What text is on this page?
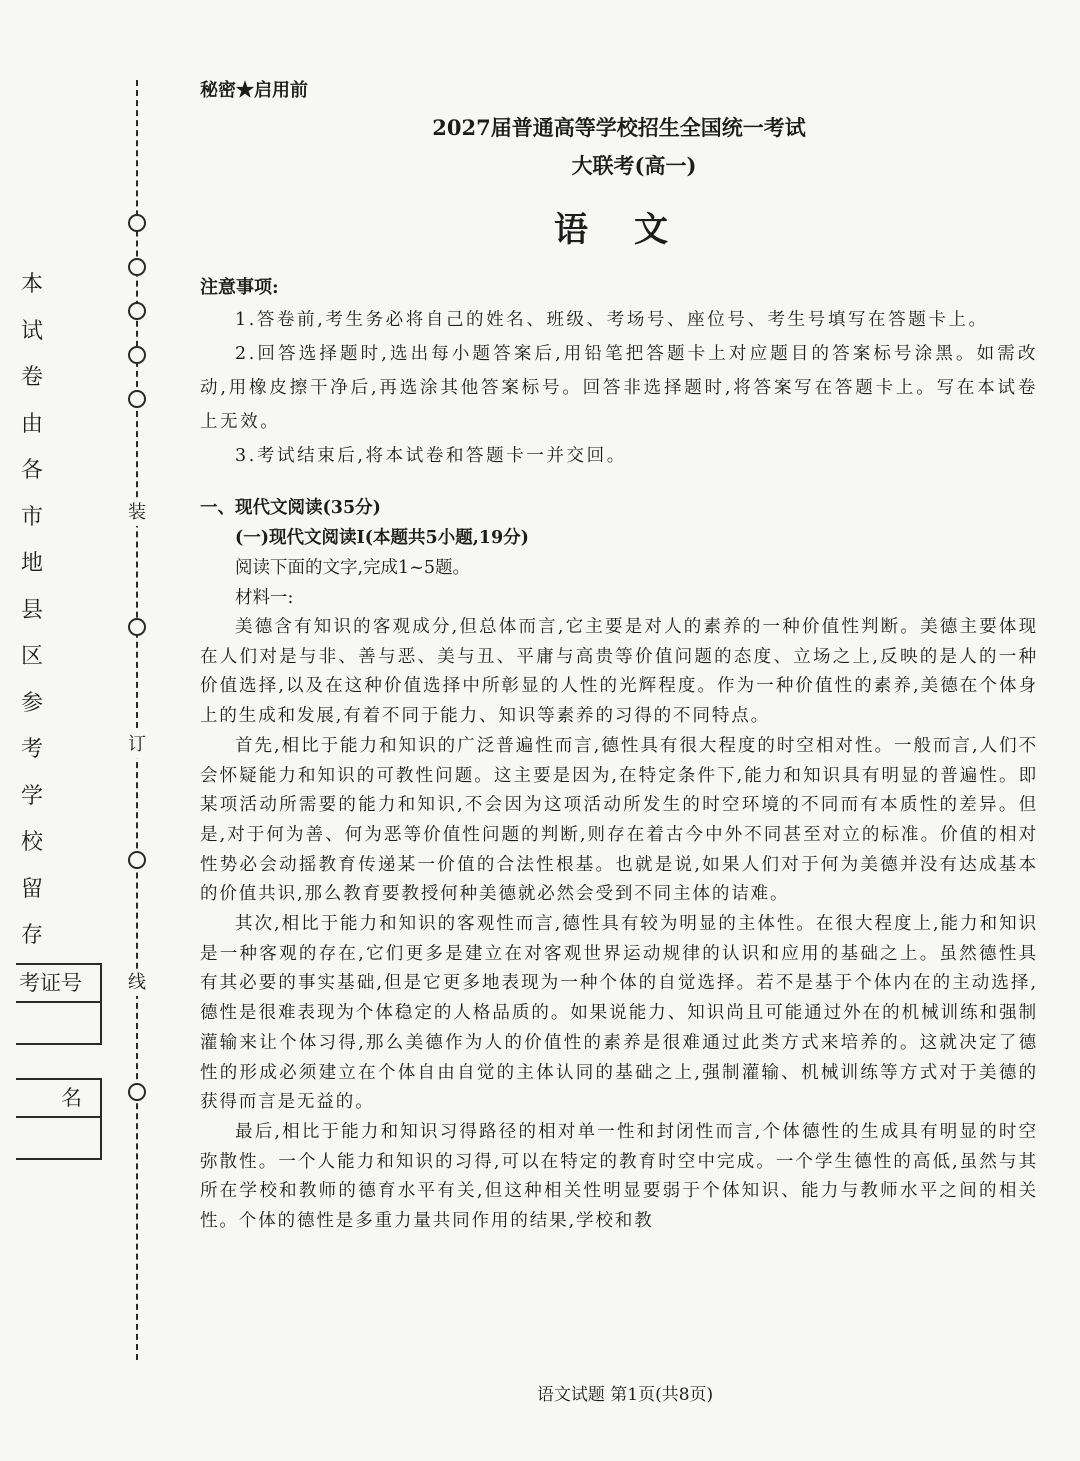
本
试
卷
由
各
市
地
县
区
参
考
学
校
留
存
装
订
线
考证号
名
秘密★启用前
2027届普通高等学校招生全国统一考试
大联考(高一)
语文
注意事项:

1.答卷前,考生务必将自己的姓名、班级、考场号、座位号、考生号填写在答题卡上。

2.回答选择题时,选出每小题答案后,用铅笔把答题卡上对应题目的答案标号涂黑。如需改动,用橡皮擦干净后,再选涂其他答案标号。回答非选择题时,将答案写在答题卡上。写在本试卷上无效。

3.考试结束后,将本试卷和答题卡一并交回。

一、现代文阅读(35分)
(一)现代文阅读Ⅰ(本题共5小题,19分)
阅读下面的文字,完成1~5题。
材料一:

美德含有知识的客观成分,但总体而言,它主要是对人的素养的一种价值性判断。美德主要体现在人们对是与非、善与恶、美与丑、平庸与高贵等价值问题的态度、立场之上,反映的是人的一种价值选择,以及在这种价值选择中所彰显的人性的光辉程度。作为一种价值性的素养,美德在个体身上的生成和发展,有着不同于能力、知识等素养的习得的不同特点。

首先,相比于能力和知识的广泛普遍性而言,德性具有很大程度的时空相对性。一般而言,人们不会怀疑能力和知识的可教性问题。这主要是因为,在特定条件下,能力和知识具有明显的普遍性。即某项活动所需要的能力和知识,不会因为这项活动所发生的时空环境的不同而有本质性的差异。但是,对于何为善、何为恶等价值性问题的判断,则存在着古今中外不同甚至对立的标准。价值的相对性势必会动摇教育传递某一价值的合法性根基。也就是说,如果人们对于何为美德并没有达成基本的价值共识,那么教育要教授何种美德就必然会受到不同主体的诘难。

其次,相比于能力和知识的客观性而言,德性具有较为明显的主体性。在很大程度上,能力和知识是一种客观的存在,它们更多是建立在对客观世界运动规律的认识和应用的基础之上。虽然德性具有其必要的事实基础,但是它更多地表现为一种个体的自觉选择。若不是基于个体内在的主动选择,德性是很难表现为个体稳定的人格品质的。如果说能力、知识尚且可能通过外在的机械训练和强制灌输来让个体习得,那么美德作为人的价值性的素养是很难通过此类方式来培养的。这就决定了德性的形成必须建立在个体自由自觉的主体认同的基础之上,强制灌输、机械训练等方式对于美德的获得而言是无益的。

最后,相比于能力和知识习得路径的相对单一性和封闭性而言,个体德性的生成具有明显的时空弥散性。一个人能力和知识的习得,可以在特定的教育时空中完成。一个学生德性的高低,虽然与其所在学校和教师的德育水平有关,但这种相关性明显要弱于个体知识、能力与教师水平之间的相关性。个体的德性是多重力量共同作用的结果,学校和教

语文试题 第1页(共8页)
